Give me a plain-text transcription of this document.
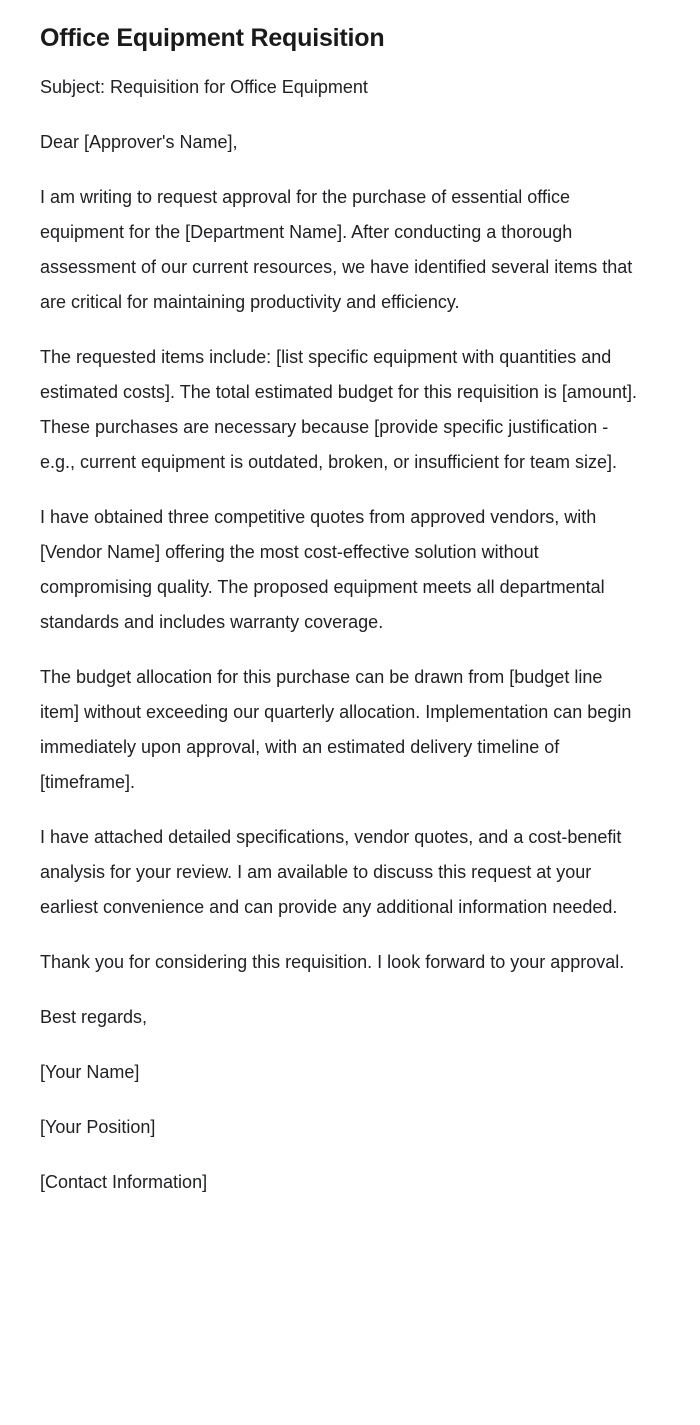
Office Equipment Requisition

Subject: Requisition for Office Equipment

Dear [Approver's Name],

I am writing to request approval for the purchase of essential office equipment for the [Department Name]. After conducting a thorough assessment of our current resources, we have identified several items that are critical for maintaining productivity and efficiency.

The requested items include: [list specific equipment with quantities and estimated costs]. The total estimated budget for this requisition is [amount]. These purchases are necessary because [provide specific justification - e.g., current equipment is outdated, broken, or insufficient for team size].

I have obtained three competitive quotes from approved vendors, with [Vendor Name] offering the most cost-effective solution without compromising quality. The proposed equipment meets all departmental standards and includes warranty coverage.

The budget allocation for this purchase can be drawn from [budget line item] without exceeding our quarterly allocation. Implementation can begin immediately upon approval, with an estimated delivery timeline of [timeframe].

I have attached detailed specifications, vendor quotes, and a cost-benefit analysis for your review. I am available to discuss this request at your earliest convenience and can provide any additional information needed.

Thank you for considering this requisition. I look forward to your approval.

Best regards,

[Your Name]

[Your Position]

[Contact Information]
